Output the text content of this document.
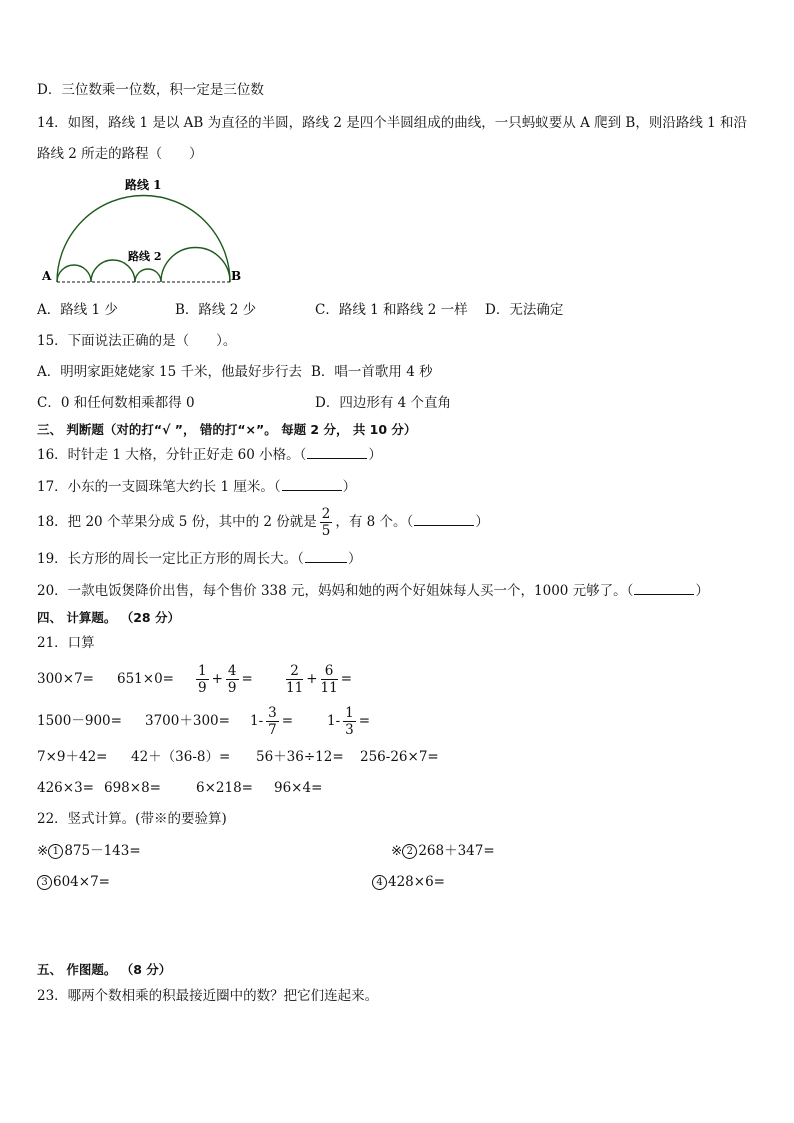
D．三位数乘一位数，积一定是三位数
14．如图，路线 1 是以 AB 为直径的半圆，路线 2 是四个半圆组成的曲线，一只蚂蚁要从 A 爬到 B，则沿路线 1 和沿
路线 2 所走的路程（　　）
路线 1
路线 2
A	B
A．路线 1 少	B．路线 2 少	C．路线 1 和路线 2 一样 D．无法确定
15．下面说法正确的是（　　）。
A．明明家距姥姥家 15 千米，他最好步行去 B．唱一首歌用 4 秒
C．0 和任何数相乘都得 0	D．四边形有 4 个直角
三、 判断题（对的打“√ ”， 错的打“×”。 每题 2 分， 共 10 分）
16．时针走 1 大格，分针正好走 60 小格。（	）
17．小东的一支圆珠笔大约长 1 厘米。（	）
18．把 20 个苹果分成 5 份，其中的 2 份就是 $\frac{2}{5}$ ，有 8 个。（	）
19．长方形的周长一定比正方形的周长大。（	）
20．一款电饭煲降价出售，每个售价 338 元，妈妈和她的两个好姐妹每人买一个，1000 元够了。（	）
四、 计算题。 （28 分）
21．口算
$300\times 7= 651\times 0= \frac{1}{9} + \frac{4}{9} = \frac{2}{11} + \frac{6}{11}$ =
$1500-900= 3700+300= 1- \frac{3}{7}$ =	$1- \frac{1}{3}$ =
7×9＋42= 42＋（36-8）= 56＋36÷12= 256-26×7=
426×3= 698×8=	6×218= 96×4=
22．竖式计算。(带※的要验算)
※ 1 875－143=	※ 2 268＋347=
3 604×7=	4 428×6=
五、 作图题。 （8 分）
23．哪两个数相乘的积最接近圈中的数？把它们连起来。
